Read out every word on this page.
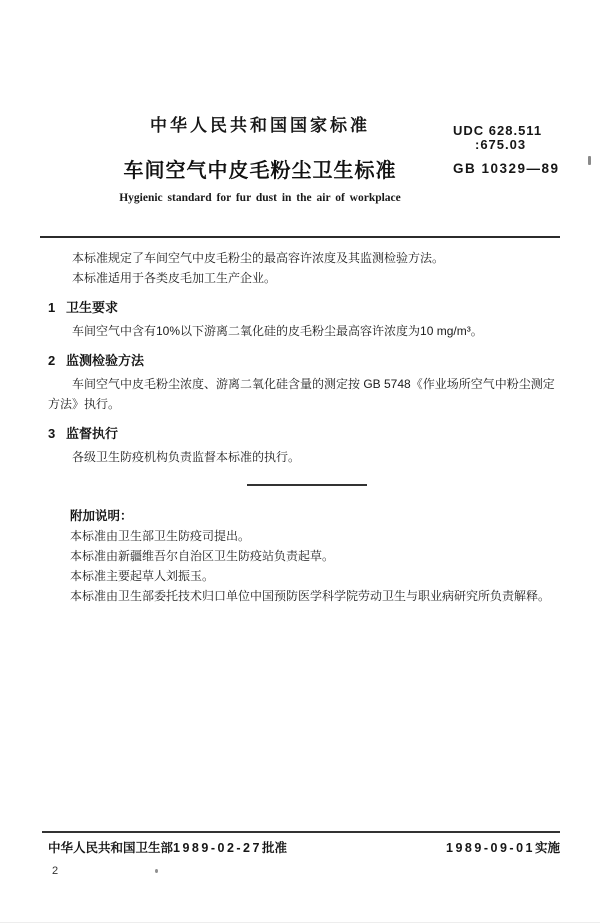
中华人民共和国国家标准
车间空气中皮毛粉尘卫生标准
Hygienic standard for fur dust in the air of workplace
UDC 628.511
:675.03
GB 10329—89

本标准规定了车间空气中皮毛粉尘的最高容许浓度及其监测检验方法。

本标准适用于各类皮毛加工生产企业。

1 卫生要求

车间空气中含有10%以下游离二氧化硅的皮毛粉尘最高容许浓度为10 mg/m³。

2 监测检验方法

车间空气中皮毛粉尘浓度、游离二氧化硅含量的测定按 GB 5748《作业场所空气中粉尘测定方法》执行。

3 监督执行

各级卫生防疫机构负责监督本标准的执行。

附加说明：
本标准由卫生部卫生防疫司提出。
本标准由新疆维吾尔自治区卫生防疫站负责起草。
本标准主要起草人刘振玉。
本标准由卫生部委托技术归口单位中国预防医学科学院劳动卫生与职业病研究所负责解释。
中华人民共和国卫生部1989-02-27批准	1989-09-01实施
2
